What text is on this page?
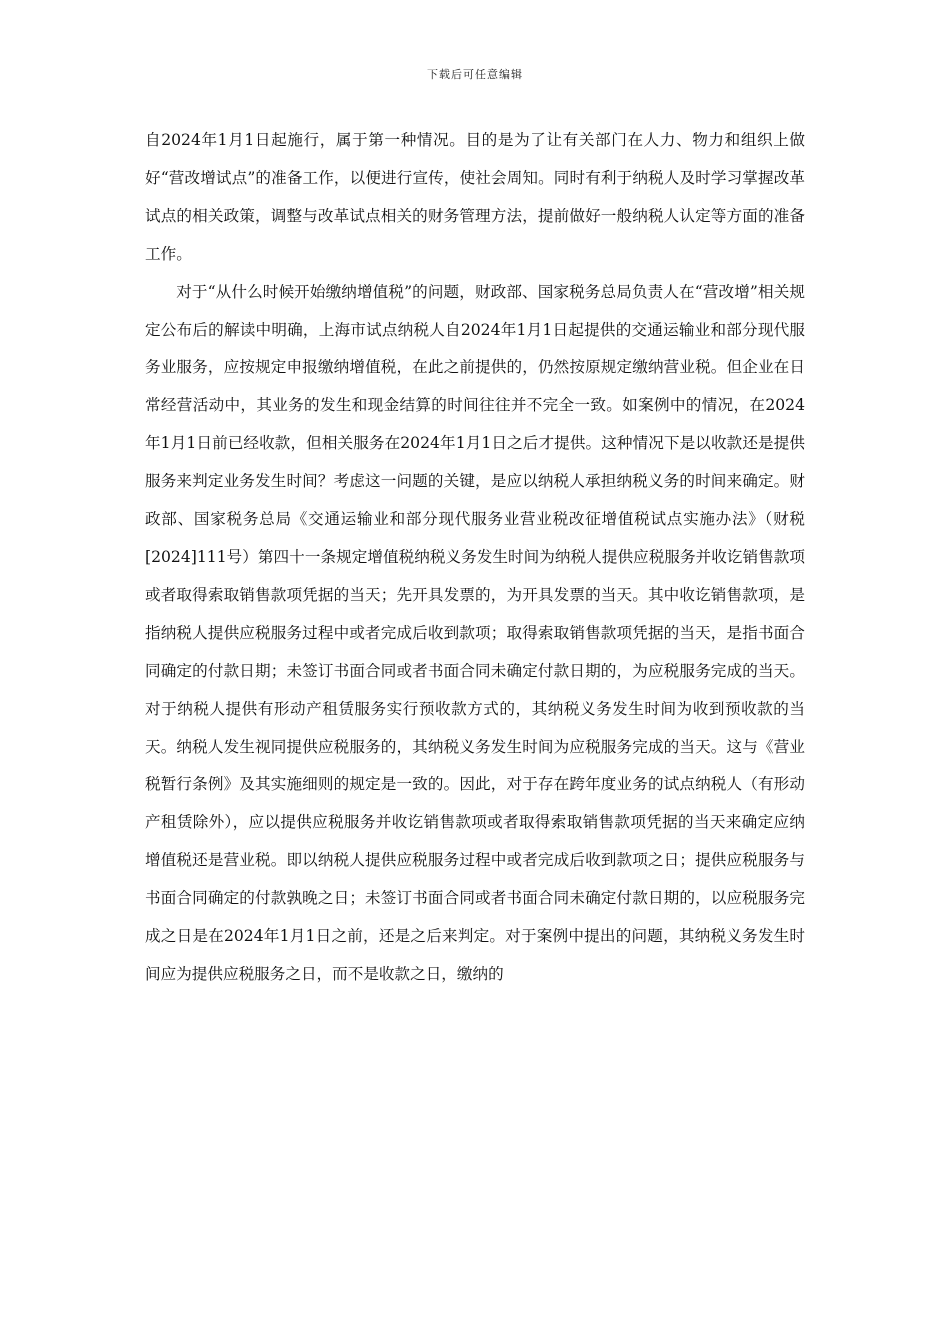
下载后可任意编辑

自2024年1月1日起施行，属于第一种情况。目的是为了让有关部门在人力、物力和组织上做好“营改增试点”的准备工作，以便进行宣传，使社会周知。同时有利于纳税人及时学习掌握改革试点的相关政策，调整与改革试点相关的财务管理方法，提前做好一般纳税人认定等方面的准备工作。

对于“从什么时候开始缴纳增值税”的问题，财政部、国家税务总局负责人在“营改增”相关规定公布后的解读中明确，上海市试点纳税人自2024年1月1日起提供的交通运输业和部分现代服务业服务，应按规定申报缴纳增值税，在此之前提供的，仍然按原规定缴纳营业税。但企业在日常经营活动中，其业务的发生和现金结算的时间往往并不完全一致。如案例中的情况，在2024年1月1日前已经收款，但相关服务在2024年1月1日之后才提供。这种情况下是以收款还是提供服务来判定业务发生时间？考虑这一问题的关键，是应以纳税人承担纳税义务的时间来确定。财政部、国家税务总局《交通运输业和部分现代服务业营业税改征增值税试点实施办法》（财税[2024]111号）第四十一条规定增值税纳税义务发生时间为纳税人提供应税服务并收讫销售款项或者取得索取销售款项凭据的当天；先开具发票的，为开具发票的当天。其中收讫销售款项，是指纳税人提供应税服务过程中或者完成后收到款项；取得索取销售款项凭据的当天，是指书面合同确定的付款日期；未签订书面合同或者书面合同未确定付款日期的，为应税服务完成的当天。对于纳税人提供有形动产租赁服务实行预收款方式的，其纳税义务发生时间为收到预收款的当天。纳税人发生视同提供应税服务的，其纳税义务发生时间为应税服务完成的当天。这与《营业税暂行条例》及其实施细则的规定是一致的。因此，对于存在跨年度业务的试点纳税人（有形动产租赁除外），应以提供应税服务并收讫销售款项或者取得索取销售款项凭据的当天来确定应纳增值税还是营业税。即以纳税人提供应税服务过程中或者完成后收到款项之日；提供应税服务与书面合同确定的付款孰晚之日；未签订书面合同或者书面合同未确定付款日期的，以应税服务完成之日是在2024年1月1日之前，还是之后来判定。对于案例中提出的问题，其纳税义务发生时间应为提供应税服务之日，而不是收款之日，缴纳的
